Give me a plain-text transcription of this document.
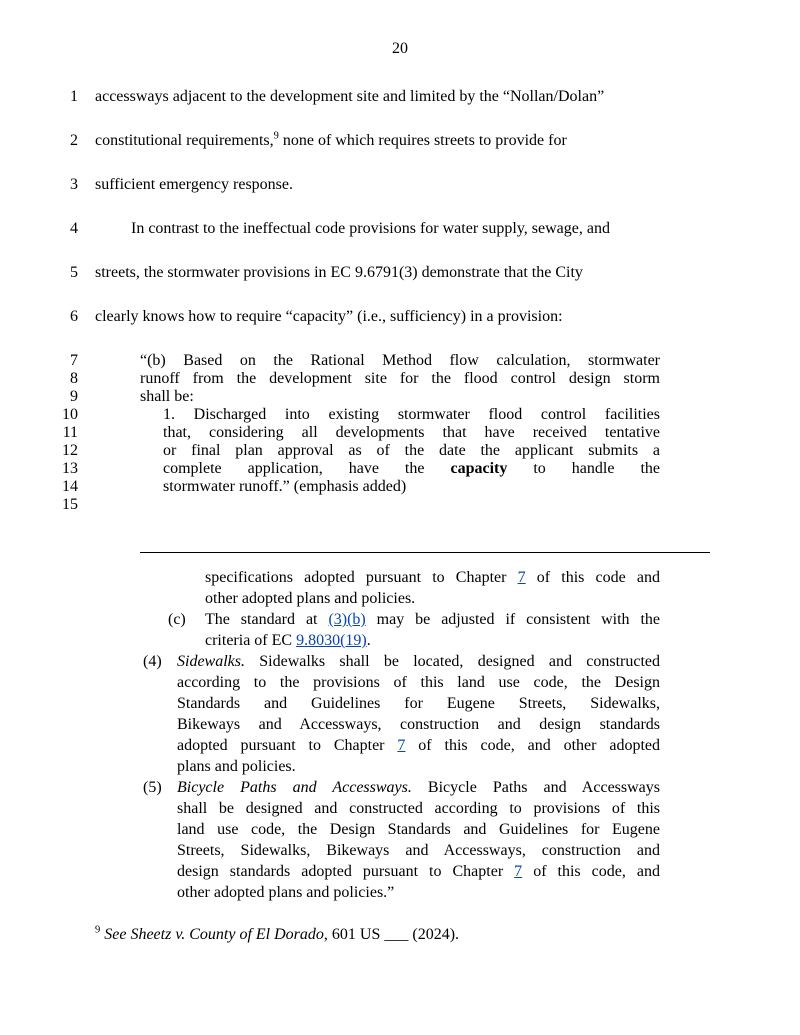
20
1 accessways adjacent to the development site and limited by the “Nollan/Dolan”
2 constitutional requirements,$^9$ none of which requires streets to provide for
3 sufficient emergency response.
4	In contrast to the ineffectual code provisions for water supply, sewage, and
5 streets, the stormwater provisions in EC 9.6791(3) demonstrate that the City
6 clearly knows how to require “capacity” (i.e., sufficiency) in a provision:
7	“(b) Based on the Rational Method flow calculation, stormwater
8	runoff from the development site for the flood control design storm
9	shall be:
10	1. Discharged into existing stormwater flood control facilities
11	that, considering all developments that have received tentative
12	or final plan approval as of the date the applicant submits a
13	complete application, have the capacity to handle the
14	stormwater runoff.” (emphasis added)
15
specifications adopted pursuant to Chapter 7 of this code and
other adopted plans and policies.
(c) The standard at (3)(b) may be adjusted if consistent with the
criteria of EC 9.8030(19).
(4) Sidewalks. Sidewalks shall be located, designed and constructed
according to the provisions of this land use code, the Design
Standards and Guidelines for Eugene Streets, Sidewalks,
Bikeways and Accessways, construction and design standards
adopted pursuant to Chapter 7 of this code, and other adopted
plans and policies.
(5) Bicycle Paths and Accessways. Bicycle Paths and Accessways
shall be designed and constructed according to provisions of this
land use code, the Design Standards and Guidelines for Eugene
Streets, Sidewalks, Bikeways and Accessways, construction and
design standards adopted pursuant to Chapter 7 of this code, and
other adopted plans and policies.”
$^9$ See Sheetz v. County of El Dorado, 601 US ___ (2024).
